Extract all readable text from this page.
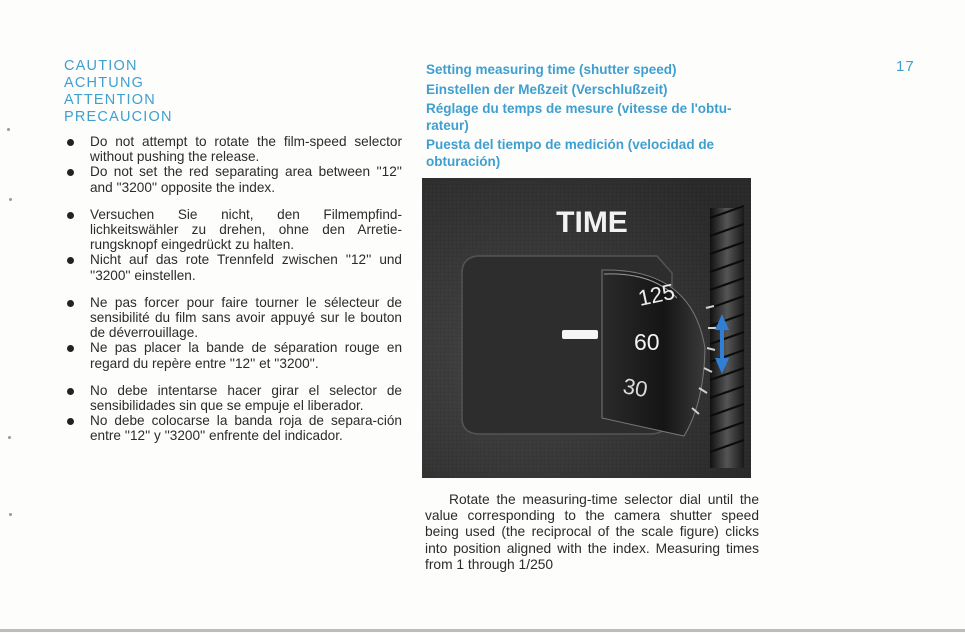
CAUTION
ACHTUNG
ATTENTION
PRECAUCION
Do not attempt to rotate the film-speed selector without pushing the release.
Do not set the red separating area between ''12'' and ''3200'' opposite the index.
Versuchen Sie nicht, den Filmempfind-lichkeitswähler zu drehen, ohne den Arretie-rungsknopf eingedrückt zu halten.
Nicht auf das rote Trennfeld zwischen ''12'' und ''3200'' einstellen.
Ne pas forcer pour faire tourner le sélecteur de sensibilité du film sans avoir appuyé sur le bouton de déverrouillage.
Ne pas placer la bande de séparation rouge en regard du repère entre ''12'' et ''3200''.
No debe intentarse hacer girar el selector de sensibilidades sin que se empuje el liberador.
No debe colocarse la banda roja de separa-ción entre ''12'' y ''3200'' enfrente del indicador.
Setting measuring time (shutter speed)
Einstellen der Meßzeit (Verschlußzeit)
Réglage du temps de mesure (vitesse de l'obtu-rateur)
Puesta del tiempo de medición (velocidad de obturación)
17
TIME
125
60
30
Rotate the measuring-time selector dial until the value corresponding to the camera shutter speed being used (the reciprocal of the scale figure) clicks into position aligned with the index. Measuring times from 1 through 1/250
